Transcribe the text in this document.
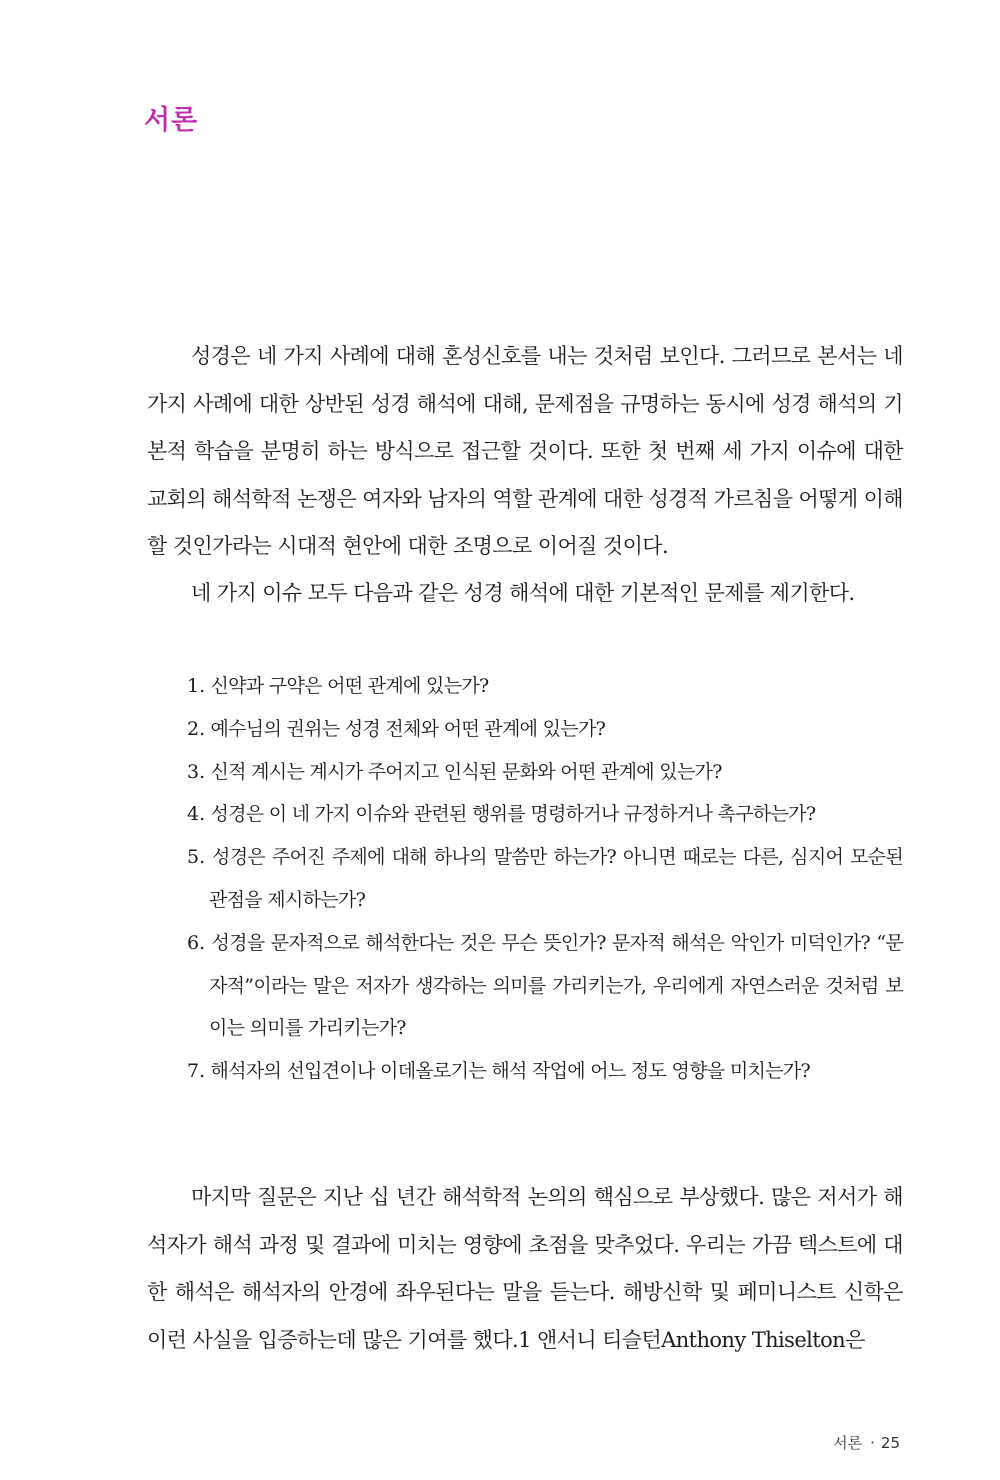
서론

성경은 네 가지 사례에 대해 혼성신호를 내는 것처럼 보인다. 그러므로 본서는 네 가지 사례에 대한 상반된 성경 해석에 대해, 문제점을 규명하는 동시에 성경 해석의 기본적 학습을 분명히 하는 방식으로 접근할 것이다. 또한 첫 번째 세 가지 이슈에 대한 교회의 해석학적 논쟁은 여자와 남자의 역할 관계에 대한 성경적 가르침을 어떻게 이해할 것인가라는 시대적 현안에 대한 조명으로 이어질 것이다.

네 가지 이슈 모두 다음과 같은 성경 해석에 대한 기본적인 문제를 제기한다.

1. 신약과 구약은 어떤 관계에 있는가?
2. 예수님의 권위는 성경 전체와 어떤 관계에 있는가?
3. 신적 계시는 계시가 주어지고 인식된 문화와 어떤 관계에 있는가?
4. 성경은 이 네 가지 이슈와 관련된 행위를 명령하거나 규정하거나 촉구하는가?
5. 성경은 주어진 주제에 대해 하나의 말씀만 하는가? 아니면 때로는 다른, 심지어 모순된 관점을 제시하는가?
6. 성경을 문자적으로 해석한다는 것은 무슨 뜻인가? 문자적 해석은 악인가 미덕인가? “문자적”이라는 말은 저자가 생각하는 의미를 가리키는가, 우리에게 자연스러운 것처럼 보이는 의미를 가리키는가?
7. 해석자의 선입견이나 이데올로기는 해석 작업에 어느 정도 영향을 미치는가?

마지막 질문은 지난 십 년간 해석학적 논의의 핵심으로 부상했다. 많은 저서가 해석자가 해석 과정 및 결과에 미치는 영향에 초점을 맞추었다. 우리는 가끔 텍스트에 대한 해석은 해석자의 안경에 좌우된다는 말을 듣는다. 해방신학 및 페미니스트 신학은 이런 사실을 입증하는데 많은 기여를 했다.1 앤서니 티슬턴Anthony Thiselton은

서론 · 25
